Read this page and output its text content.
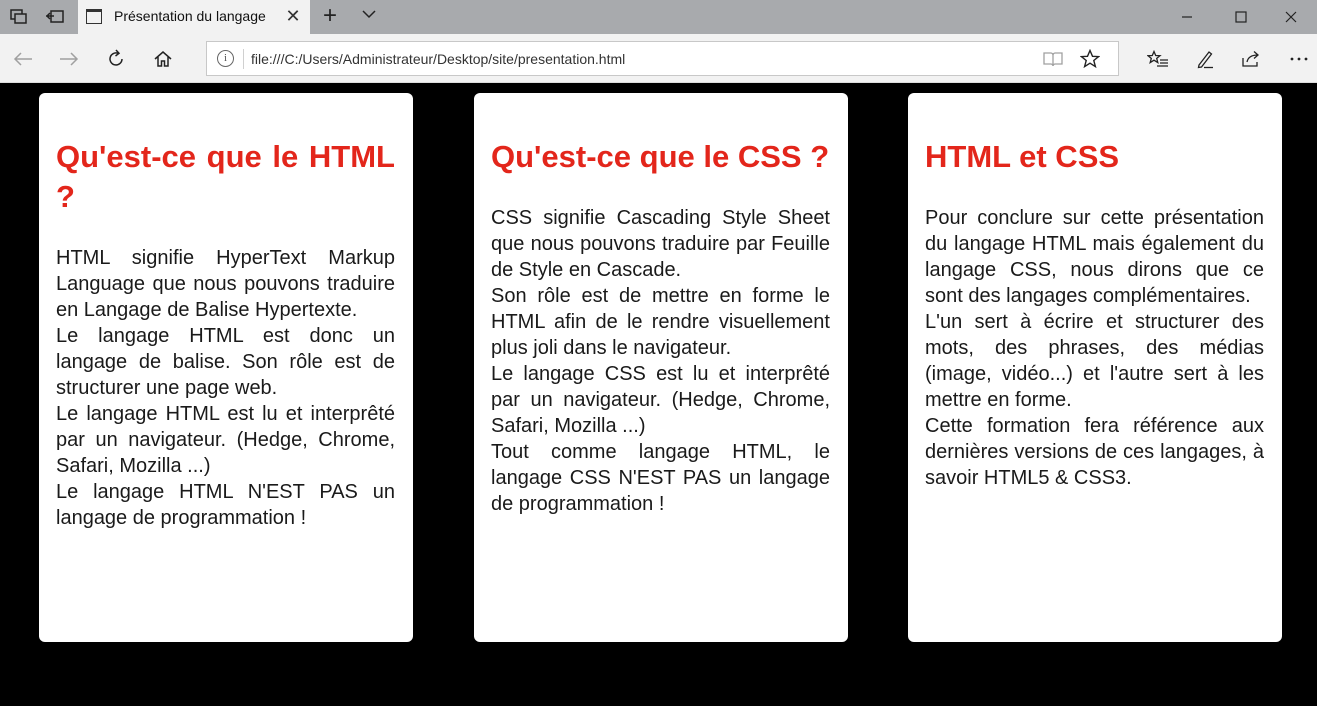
Présentation du langage	✕ +
i	file:///C:/Users/Administrateur/Desktop/site/presentation.html
Qu'est-ce que le HTML ?

HTML signifie HyperText Markup Language que nous pouvons traduire en Langage de Balise Hypertexte.

Le langage HTML est donc un langage de balise. Son rôle est de structurer une page web.

Le langage HTML est lu et interprêté par un navigateur. (Hedge, Chrome, Safari, Mozilla ...)

Le langage HTML N'EST PAS un langage de programmation !

Qu'est-ce que le CSS ?

CSS signifie Cascading Style Sheet que nous pouvons traduire par Feuille de Style en Cascade.

Son rôle est de mettre en forme le HTML afin de le rendre visuellement plus joli dans le navigateur.

Le langage CSS est lu et interprêté par un navigateur. (Hedge, Chrome, Safari, Mozilla ...)

Tout comme langage HTML, le langage CSS N'EST PAS un langage de programmation !

HTML et CSS

Pour conclure sur cette présentation du langage HTML mais également du langage CSS, nous dirons que ce sont des langages complémentaires.

L'un sert à écrire et structurer des mots, des phrases, des médias (image, vidéo...) et l'autre sert à les mettre en forme.

Cette formation fera référence aux dernières versions de ces langages, à savoir HTML5 & CSS3.
